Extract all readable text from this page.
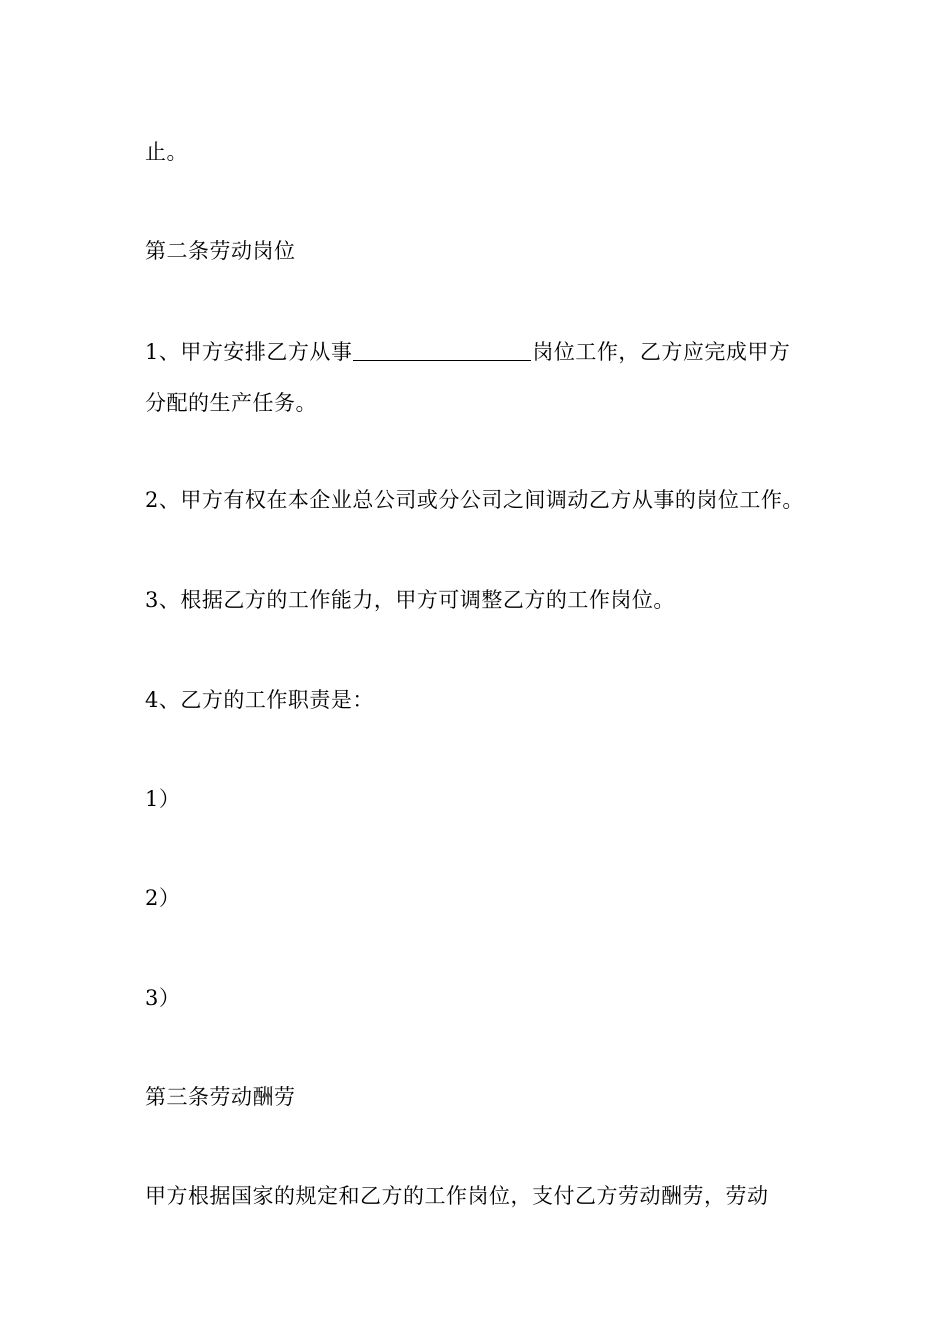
止。
第二条劳动岗位
1、甲方安排乙方从事	岗位工作，乙方应完成甲方
分配的生产任务。
2、甲方有权在本企业总公司或分公司之间调动乙方从事的岗位工作。
3、根据乙方的工作能力，甲方可调整乙方的工作岗位。
4、乙方的工作职责是：
1）
2）
3）
第三条劳动酬劳
甲方根据国家的规定和乙方的工作岗位，支付乙方劳动酬劳，劳动
